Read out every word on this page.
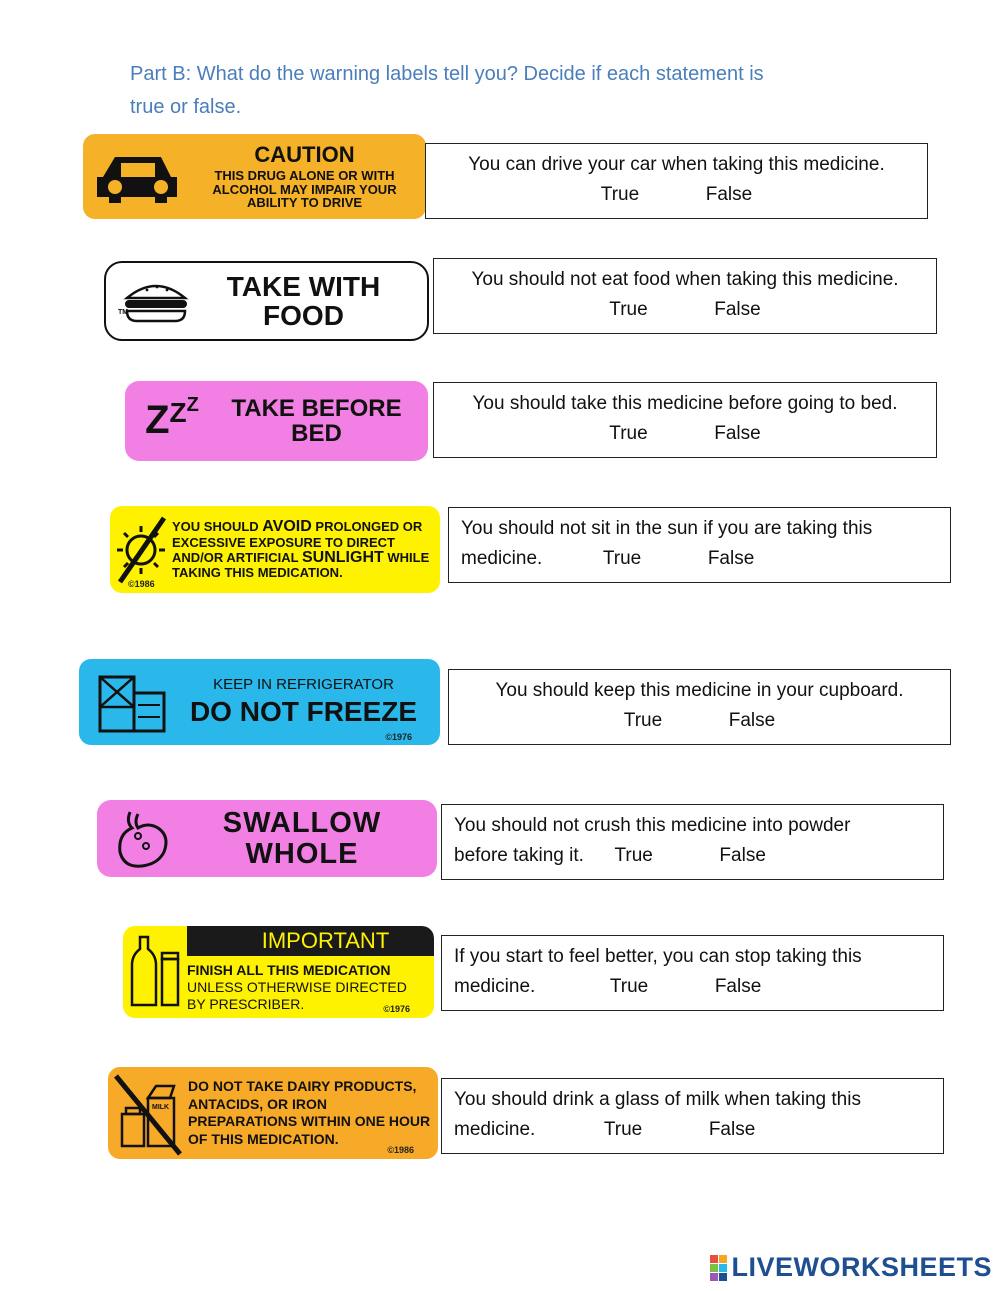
Part B: What do the warning labels tell you? Decide if each statement is
true or false.
CAUTION
THIS DRUG ALONE OR WITH ALCOHOL MAY IMPAIR YOUR ABILITY TO DRIVE
You can drive your car when taking this medicine.
True	False
TM
TAKE WITH FOOD
You should not eat food when taking this medicine.
True	False
Z Z Z	TAKE BEFORE BED
You should take this medicine before going to bed.
True	False
YOU SHOULD AVOID PROLONGED OR EXCESSIVE EXPOSURE TO DIRECT AND/OR ARTIFICIAL SUNLIGHT WHILE TAKING THIS MEDICATION.
©1986
You should not sit in the sun if you are taking this
medicine.	True	False
KEEP IN REFRIGERATOR
DO NOT FREEZE
©1976
You should keep this medicine in your cupboard.
True	False
SWALLOW WHOLE
You should not crush this medicine into powder
before taking it. True	False
IMPORTANT
FINISH ALL THIS MEDICATION
UNLESS OTHERWISE DIRECTED BY PRESCRIBER.	©1976
If you start to feel better, you can stop taking this
medicine.	True	False
MILK
DO NOT TAKE DAIRY PRODUCTS, ANTACIDS, OR IRON PREPARATIONS WITHIN ONE HOUR OF THIS MEDICATION.
©1986
You should drink a glass of milk when taking this
medicine.	True	False
LIVEWORKSHEETS
